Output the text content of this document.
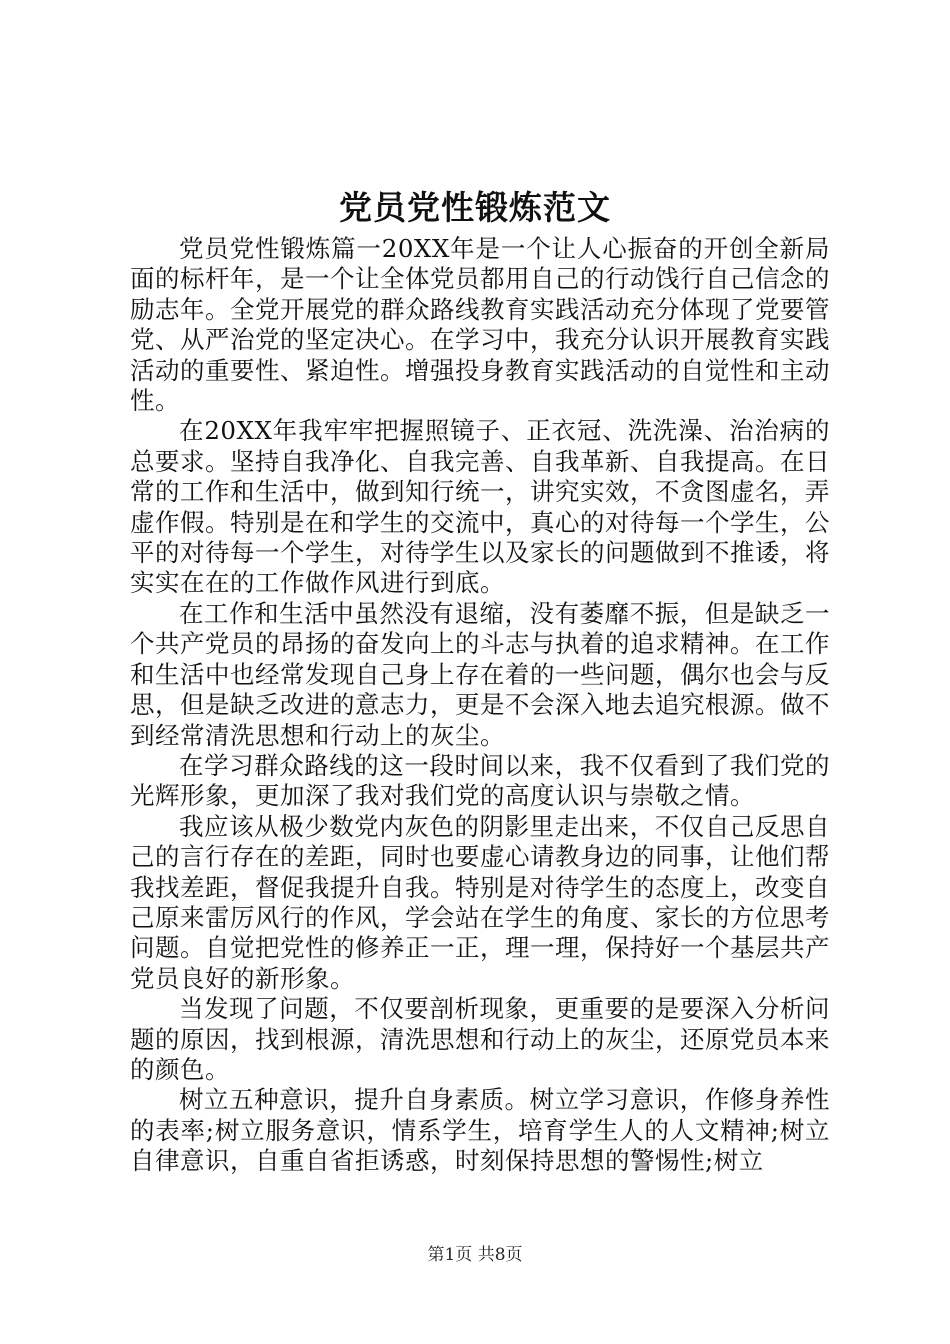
党员党性锻炼范文

党员党性锻炼篇一20XX年是一个让人心振奋的开创全新局面的标杆年，是一个让全体党员都用自己的行动饯行自己信念的励志年。全党开展党的群众路线教育实践活动充分体现了党要管党、从严治党的坚定决心。在学习中，我充分认识开展教育实践活动的重要性、紧迫性。增强投身教育实践活动的自觉性和主动性。

在20XX年我牢牢把握照镜子、正衣冠、洗洗澡、治治病的总要求。坚持自我净化、自我完善、自我革新、自我提高。在日常的工作和生活中，做到知行统一，讲究实效，不贪图虚名，弄虚作假。特别是在和学生的交流中，真心的对待每一个学生，公平的对待每一个学生，对待学生以及家长的问题做到不推诿，将实实在在的工作做作风进行到底。

在工作和生活中虽然没有退缩，没有萎靡不振，但是缺乏一个共产党员的昂扬的奋发向上的斗志与执着的追求精神。在工作和生活中也经常发现自己身上存在着的一些问题，偶尔也会与反思，但是缺乏改进的意志力，更是不会深入地去追究根源。做不到经常清洗思想和行动上的灰尘。

在学习群众路线的这一段时间以来，我不仅看到了我们党的光辉形象，更加深了我对我们党的高度认识与崇敬之情。

我应该从极少数党内灰色的阴影里走出来，不仅自己反思自己的言行存在的差距，同时也要虚心请教身边的同事，让他们帮我找差距，督促我提升自我。特别是对待学生的态度上，改变自己原来雷厉风行的作风，学会站在学生的角度、家长的方位思考问题。自觉把党性的修养正一正，理一理，保持好一个基层共产党员良好的新形象。

当发现了问题，不仅要剖析现象，更重要的是要深入分析问题的原因，找到根源，清洗思想和行动上的灰尘，还原党员本来的颜色。

树立五种意识，提升自身素质。树立学习意识，作修身养性的表率;树立服务意识，情系学生，培育学生人的人文精神;树立自律意识，自重自省拒诱惑，时刻保持思想的警惕性;树立

第1页 共8页
